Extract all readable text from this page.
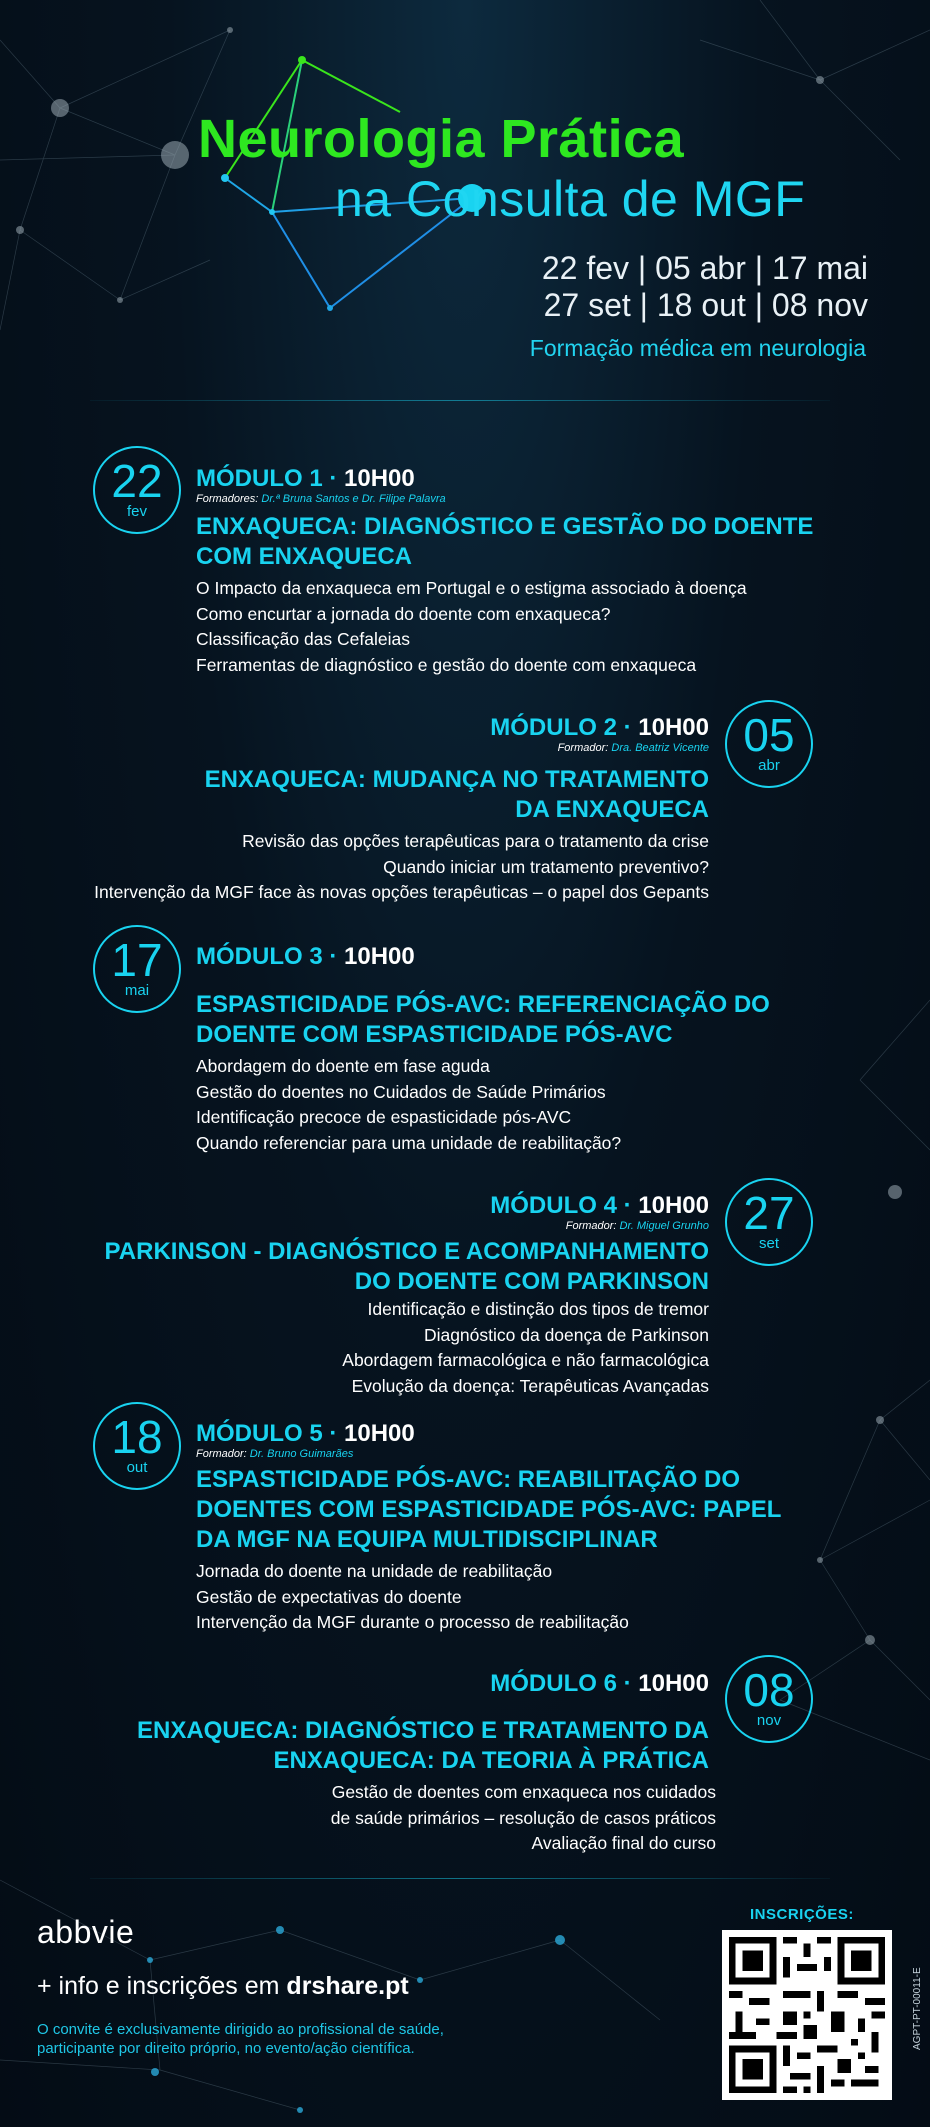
Neurologia Prática
na Consulta de MGF
22 fev | 05 abr | 17 mai
27 set | 18 out | 08 nov
Formação médica em neurologia
22
fev
MÓDULO 1 · 10H00
Formadores: Dr.ª Bruna Santos e Dr. Filipe Palavra
ENXAQUECA: DIAGNÓSTICO E GESTÃO DO DOENTE
COM ENXAQUECA
O Impacto da enxaqueca em Portugal e o estigma associado à doença
Como encurtar a jornada do doente com enxaqueca?
Classificação das Cefaleias
Ferramentas de diagnóstico e gestão do doente com enxaqueca
05
abr
MÓDULO 2 · 10H00
Formador: Dra. Beatriz Vicente
ENXAQUECA: MUDANÇA NO TRATAMENTO
DA ENXAQUECA
Revisão das opções terapêuticas para o tratamento da crise
Quando iniciar um tratamento preventivo?
Intervenção da MGF face às novas opções terapêuticas – o papel dos Gepants
17
mai
MÓDULO 3 · 10H00
ESPASTICIDADE PÓS-AVC: REFERENCIAÇÃO DO
DOENTE COM ESPASTICIDADE PÓS-AVC
Abordagem do doente em fase aguda
Gestão do doentes no Cuidados de Saúde Primários
Identificação precoce de espasticidade pós-AVC
Quando referenciar para uma unidade de reabilitação?
27
set
MÓDULO 4 · 10H00
Formador: Dr. Miguel Grunho
PARKINSON - DIAGNÓSTICO E ACOMPANHAMENTO
DO DOENTE COM PARKINSON
Identificação e distinção dos tipos de tremor
Diagnóstico da doença de Parkinson
Abordagem farmacológica e não farmacológica
Evolução da doença: Terapêuticas Avançadas
18
out
MÓDULO 5 · 10H00
Formador: Dr. Bruno Guimarães
ESPASTICIDADE PÓS-AVC: REABILITAÇÃO DO
DOENTES COM ESPASTICIDADE PÓS-AVC: PAPEL
DA MGF NA EQUIPA MULTIDISCIPLINAR
Jornada do doente na unidade de reabilitação
Gestão de expectativas do doente
Intervenção da MGF durante o processo de reabilitação
08
nov
MÓDULO 6 · 10H00
ENXAQUECA: DIAGNÓSTICO E TRATAMENTO DA
ENXAQUECA: DA TEORIA À PRÁTICA
Gestão de doentes com enxaqueca nos cuidados
de saúde primários – resolução de casos práticos
Avaliação final do curso
abbvie
+ info e inscrições em drshare.pt
O convite é exclusivamente dirigido ao profissional de saúde,
participante por direito próprio, no evento/ação científica.
INSCRIÇÕES:
AGPT-PT-00011-E
